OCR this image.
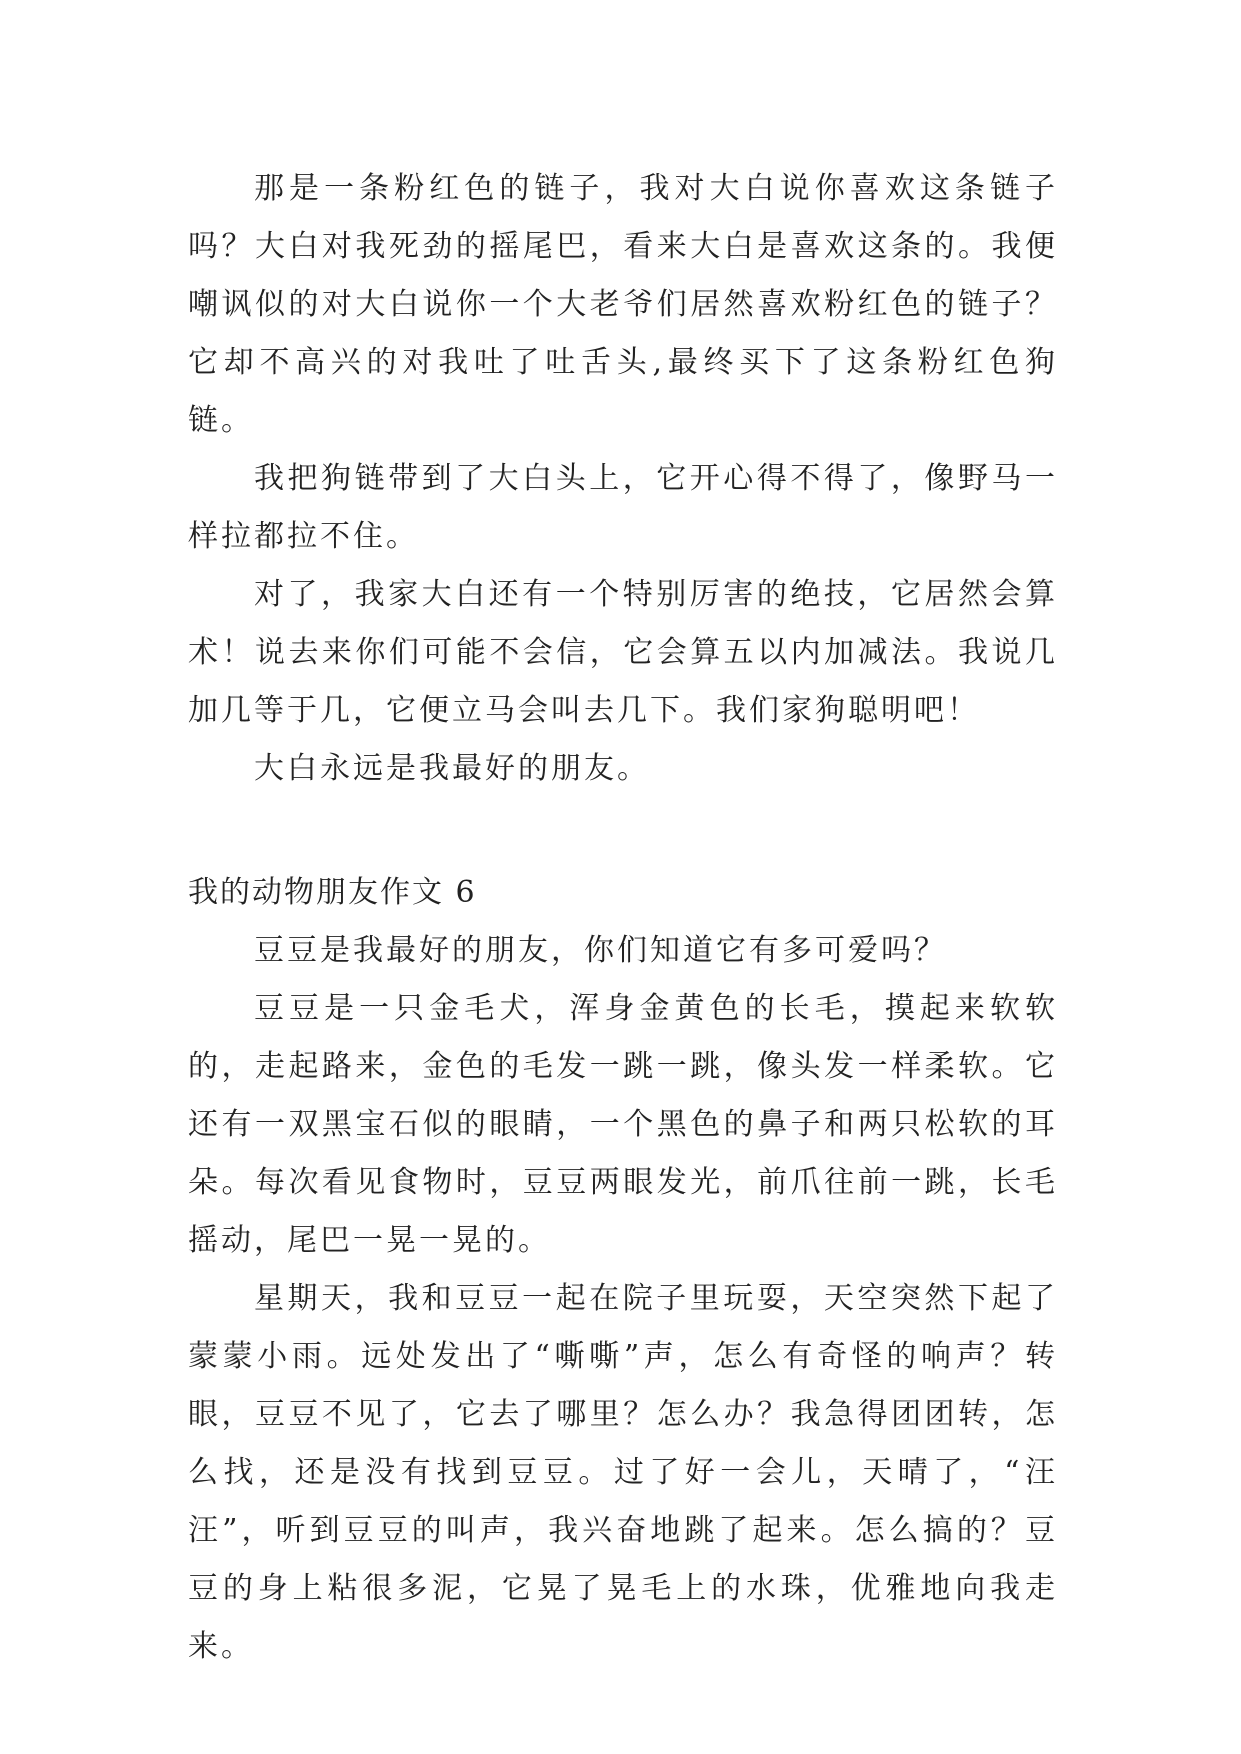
那是一条粉红色的链子，我对大白说你喜欢这条链子吗？大白对我死劲的摇尾巴，看来大白是喜欢这条的。我便嘲讽似的对大白说你一个大老爷们居然喜欢粉红色的链子？它却不高兴的对我吐了吐舌头,最终买下了这条粉红色狗链。

我把狗链带到了大白头上，它开心得不得了，像野马一样拉都拉不住。

对了，我家大白还有一个特别厉害的绝技，它居然会算术！说去来你们可能不会信，它会算五以内加减法。我说几加几等于几，它便立马会叫去几下。我们家狗聪明吧！

大白永远是我最好的朋友。

我的动物朋友作文 6

豆豆是我最好的朋友，你们知道它有多可爱吗？

豆豆是一只金毛犬，浑身金黄色的长毛，摸起来软软的，走起路来，金色的毛发一跳一跳，像头发一样柔软。它还有一双黑宝石似的眼睛，一个黑色的鼻子和两只松软的耳朵。每次看见食物时，豆豆两眼发光，前爪往前一跳，长毛摇动，尾巴一晃一晃的。

星期天，我和豆豆一起在院子里玩耍，天空突然下起了蒙蒙小雨。远处发出了“嘶嘶”声，怎么有奇怪的响声？转眼，豆豆不见了，它去了哪里？怎么办？我急得团团转，怎么找，还是没有找到豆豆。过了好一会儿，天晴了，“汪汪”，听到豆豆的叫声，我兴奋地跳了起来。怎么搞的？豆豆的身上粘很多泥，它晃了晃毛上的水珠，优雅地向我走来。
